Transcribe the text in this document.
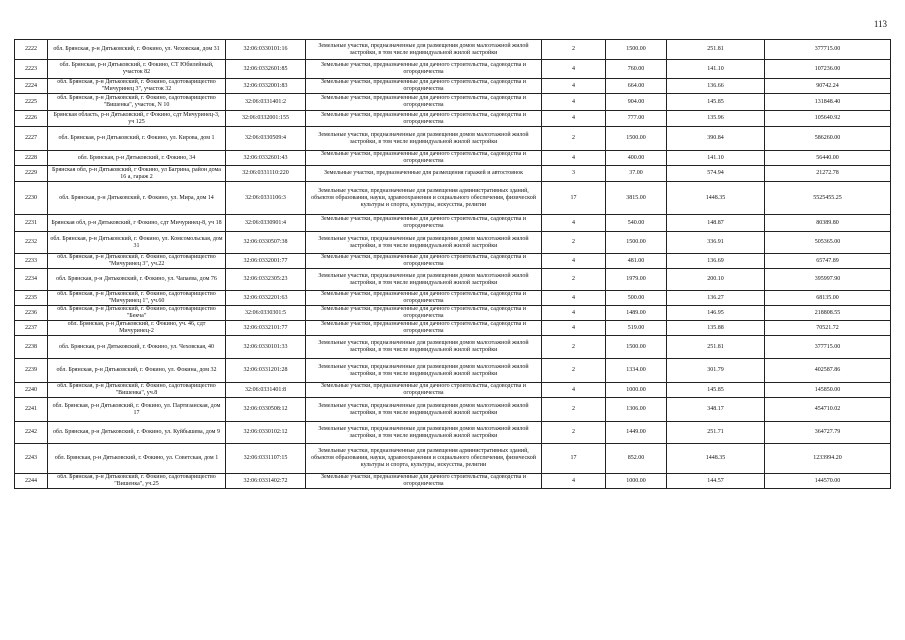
113
2222	обл. Брянская, р-н Дятьковский, г. Фокино, ул. Чеховская, дом 31	32:06:0330101:16	Земельные участки, предназначенные для размещения домов малоэтажной жилой застройки, в том числе индивидуальной жилой застройки	2	1500.00	251.81	377715.00
2223	обл. Брянская, р-н Дятьковский, г. Фокино, СТ Юбилейный, участок 82	32:06:0332601:85	Земельные участки, предназначенные для дачного строительства, садоводства и огородничества	4	760.00	141.10	107236.00
2224	обл. Брянская, р-н Дятьковский, г. Фокино, садотоварищество "Мичуринец 3", участок 32	32:06:0332001:83	Земельные участки, предназначенные для дачного строительства, садоводства и огородничества	4	664.00	136.66	90742.24
2225	обл. Брянская, р-н Дятьковский, г. Фокино, садотоварищество "Вишенка", участок, N 10	32:06:0331401:2	Земельные участки, предназначенные для дачного строительства, садоводства и огородничества	4	904.00	145.85	131848.40
2226	Брянская область, р-н Дятьковский, г Фокино, сдт Мичуринец-3, уч 125	32:06:0332001:155	Земельные участки, предназначенные для дачного строительства, садоводства и огородничества	4	777.00	135.96	105640.92
2227	обл. Брянская, р-н Дятьковский, г. Фокино, ул. Кирова, дом 1	32:06:0330509:4	Земельные участки, предназначенные для размещения домов малоэтажной жилой застройки, в том числе индивидуальной жилой застройки	2	1500.00	390.84	586260.00
2228	обл. Брянская, р-н Дятьковский, г. Фокино, 34	32:06:0332601:43	Земельные участки, предназначенные для дачного строительства, садоводства и огородничества	4	400.00	141.10	56440.00
2229	Брянская обл, р-н Дятьковский, г Фокино, ул Багрина, район дома 16 а, гараж 2	32:06:0331110:220	Земельные участки, предназначенные для размещения гаражей и автостоянок	3	37.00	574.94	21272.78
2230	обл. Брянская, р-н Дятьковский, г. Фокино, ул. Мира, дом 14	32:06:0331106:3	Земельные участки, предназначенные для размещения административных зданий, объектов образования, науки, здравоохранения и социального обеспечения, физической культуры и спорта, культуры, искусства, религии	17	3815.00	1448.35	5525455.25
2231	Брянская обл, р-н Дятьковский, г Фокино, сдт Мичуринец-8, уч 18	32:06:0330901:4	Земельные участки, предназначенные для дачного строительства, садоводства и огородничества	4	540.00	148.87	80389.80
2232	обл. Брянская, р-н Дятьковский, г. Фокино, ул. Комсомольская, дом 31	32:06:0330507:38	Земельные участки, предназначенные для размещения домов малоэтажной жилой застройки, в том числе индивидуальной жилой застройки	2	1500.00	336.91	505365.00
2233	обл. Брянская, р-н Дятьковский, г. Фокино, садотоварищество "Мичуринец 3", уч.22	32:06:0332001:77	Земельные участки, предназначенные для дачного строительства, садоводства и огородничества	4	481.00	136.69	65747.89
2234	обл. Брянская, р-н Дятьковский, г. Фокино, ул. Чапаева, дом 76	32:06:0332305:23	Земельные участки, предназначенные для размещения домов малоэтажной жилой застройки, в том числе индивидуальной жилой застройки	2	1979.00	200.10	395997.90
2235	обл. Брянская, р-н Дятьковский, г. Фокино, садотоварищество "Мичуринец 1", уч.60	32:06:0332201:63	Земельные участки, предназначенные для дачного строительства, садоводства и огородничества	4	500.00	136.27	68135.00
2236	обл. Брянская, р-н Дятьковский, г. Фокино, садотоварищество "Бекча"	32:06:0330301:5	Земельные участки, предназначенные для дачного строительства, садоводства и огородничества	4	1489.00	146.95	218808.55
2237	обл. Брянская, р-н Дятьковский, г. Фокино, уч. 46, сдт Мичуринец-2	32:06:0332101:77	Земельные участки, предназначенные для дачного строительства, садоводства и огородничества	4	519.00	135.88	70521.72
2238	обл. Брянская, р-н Дятьковский, г. Фокино, ул. Чеховская, 40	32:06:0330101:33	Земельные участки, предназначенные для размещения домов малоэтажной жилой застройки, в том числе индивидуальной жилой застройки	2	1500.00	251.81	377715.00
2239	обл. Брянская, р-н Дятьковский, г. Фокино, ул. Фокина, дом 32	32:06:0331201:28	Земельные участки, предназначенные для размещения домов малоэтажной жилой застройки, в том числе индивидуальной жилой застройки	2	1334.00	301.79	402587.86
2240	обл. Брянская, р-н Дятьковский, г. Фокино, садотоварищество "Вишенка", уч.8	32:06:0331401:8	Земельные участки, предназначенные для дачного строительства, садоводства и огородничества	4	1000.00	145.85	145850.00
2241	обл. Брянская, р-н Дятьковский, г. Фокино, ул. Партизанская, дом 17	32:06:0330508:12	Земельные участки, предназначенные для размещения домов малоэтажной жилой застройки, в том числе индивидуальной жилой застройки	2	1306.00	348.17	454710.02
2242	обл. Брянская, р-н Дятьковский, г. Фокино, ул. Куйбышева, дом 9	32:06:0330102:12	Земельные участки, предназначенные для размещения домов малоэтажной жилой застройки, в том числе индивидуальной жилой застройки	2	1449.00	251.71	364727.79
2243	обл. Брянская, р-н Дятьковский, г. Фокино, ул. Советская, дом 1	32:06:0331107:15	Земельные участки, предназначенные для размещения административных зданий, объектов образования, науки, здравоохранения и социального обеспечения, физической культуры и спорта, культуры, искусства, религии	17	852.00	1448.35	1233994.20
2244	обл. Брянская, р-н Дятьковский, г. Фокино, садотоварищество "Вишенка", уч.25	32:06:0331402:72	Земельные участки, предназначенные для дачного строительства, садоводства и огородничества	4	1000.00	144.57	144570.00
